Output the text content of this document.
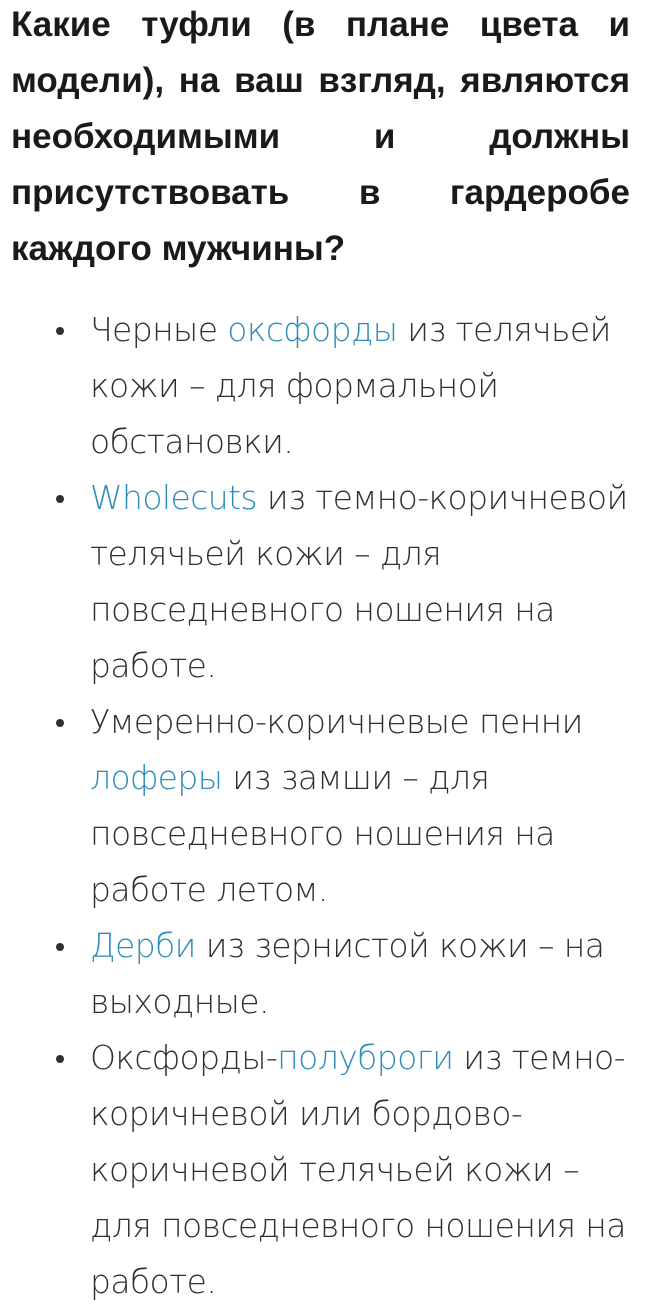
Какие туфли (в плане цвета и модели), на ваш взгляд, являются необходимыми и должны присутствовать в гардеробе каждого мужчины?
Черные оксфорды из телячьей кожи – для формальной обстановки.
Wholecuts из темно-коричневой телячьей кожи – для повседневного ношения на работе.
Умеренно-коричневые пенни лоферы из замши – для повседневного ношения на работе летом.
Дерби из зернистой кожи – на выходные.
Оксфорды-полуброги из темно-коричневой или бордово-коричневой телячьей кожи – для повседневного ношения на работе.
